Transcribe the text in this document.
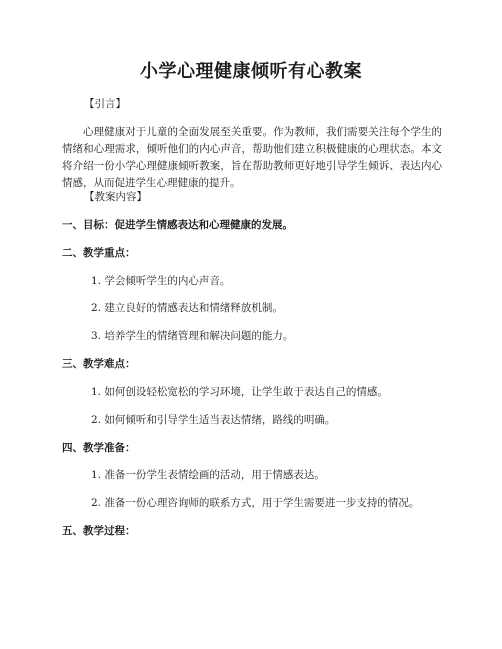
小学心理健康倾听有心教案
【引言】
心理健康对于儿童的全面发展至关重要。作为教师，我们需要关注每个学生的情绪和心理需求，倾听他们的内心声音，帮助他们建立积极健康的心理状态。本文将介绍一份小学心理健康倾听教案，旨在帮助教师更好地引导学生倾诉、表达内心情感，从而促进学生心理健康的提升。
【教案内容】
一、目标：促进学生情感表达和心理健康的发展。
二、教学重点：
1. 学会倾听学生的内心声音。
2. 建立良好的情感表达和情绪释放机制。
3. 培养学生的情绪管理和解决问题的能力。
三、教学难点：
1. 如何创设轻松宽松的学习环境，让学生敢于表达自己的情感。
2. 如何倾听和引导学生适当表达情绪，路线的明确。
四、教学准备：
1. 准备一份学生表情绘画的活动，用于情感表达。
2. 准备一份心理咨询师的联系方式，用于学生需要进一步支持的情况。
五、教学过程：
